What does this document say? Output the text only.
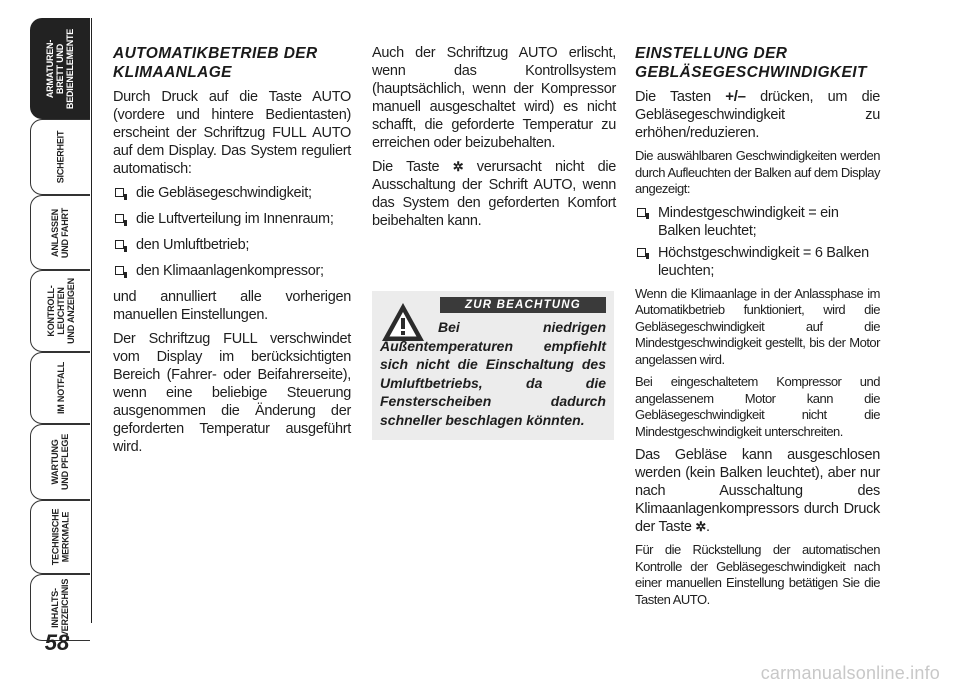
ARMATUREN-
BRETT UND
BEDIENELEMENTE
SICHERHEIT
ANLASSEN
UND FAHRT
KONTROLL-
LEUCHTEN
UND ANZEIGEN
IM NOTFALL
WARTUNG
UND PFLEGE
TECHNISCHE
MERKMALE
INHALTS-
VERZEICHNIS
58
AUTOMATIKBETRIEB DER KLIMAANLAGE

Durch Druck auf die Taste AUTO (vordere und hintere Bedientasten) erscheint der Schriftzug FULL AUTO auf dem Display. Das System reguliert automatisch:

die Gebläsegeschwindigkeit;
die Luftverteilung im Innenraum;
den Umluftbetrieb;
den Klimaanlagenkompressor;

und annulliert alle vorherigen manuellen Einstellungen.

Der Schriftzug FULL verschwindet vom Display im berücksichtigten Bereich (Fahrer- oder Beifahrerseite), wenn eine beliebige Steuerung ausgenommen die Änderung der geforderten Temperatur ausgeführt wird.

Auch der Schriftzug AUTO erlischt, wenn das Kontrollsystem (hauptsächlich, wenn der Kompressor manuell ausgeschaltet wird) es nicht schafft, die geforderte Temperatur zu erreichen oder beizubehalten.

Die Taste ✲ verursacht nicht die Ausschaltung der Schrift AUTO, wenn das System den geforderten Komfort beibehalten kann.

ZUR BEACHTUNG
Bei niedrigen Außentemperaturen empfiehlt sich nicht die Einschaltung des Umluftbetriebs, da die Fensterscheiben dadurch schneller beschlagen könnten.
EINSTELLUNG DER GEBLÄSEGESCHWINDIGKEIT

Die Tasten +/– drücken, um die Gebläsegeschwindigkeit zu erhöhen/reduzieren.

Die auswählbaren Geschwindigkeiten werden durch Aufleuchten der Balken auf dem Display angezeigt:

Mindestgeschwindigkeit = ein Balken leuchtet;
Höchstgeschwindigkeit = 6 Balken leuchten;

Wenn die Klimaanlage in der Anlassphase im Automatikbetrieb funktioniert, wird die Gebläsegeschwindigkeit auf die Mindestgeschwindigkeit gestellt, bis der Motor angelassen wird.

Bei eingeschaltetem Kompressor und angelassenem Motor kann die Gebläsegeschwindigkeit nicht die Mindestgeschwindigkeit unterschreiten.

Das Gebläse kann ausgeschlosen werden (kein Balken leuchtet), aber nur nach Ausschaltung des Klimaanlagenkompressors durch Druck der Taste ✲.

Für die Rückstellung der automatischen Kontrolle der Gebläsegeschwindigkeit nach einer manuellen Einstellung betätigen Sie die Tasten AUTO.

carmanualsonline.info
